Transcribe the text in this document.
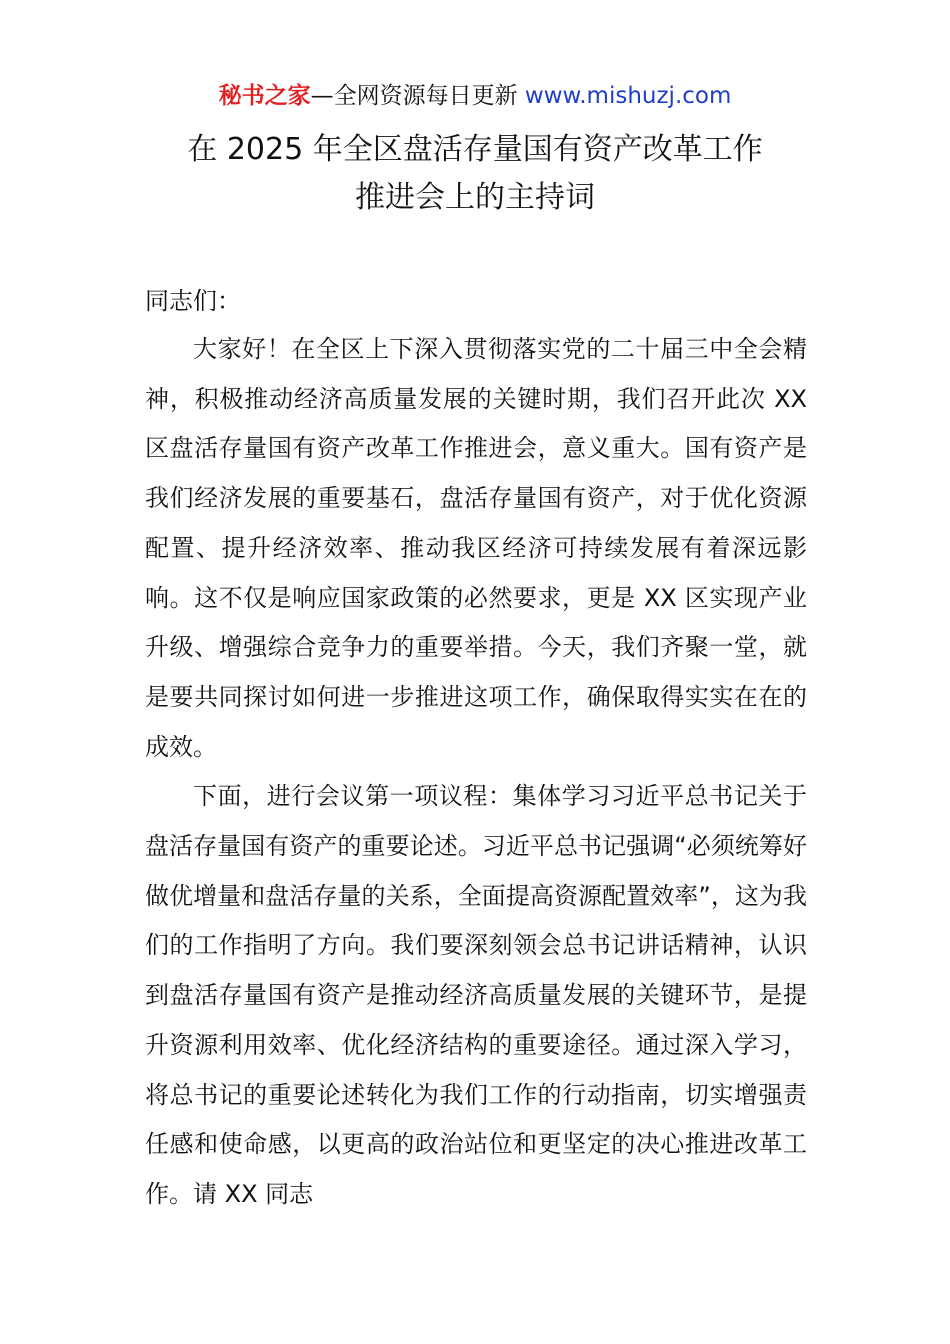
秘书之家—全网资源每日更新 www.mishuzj.com
在 2025 年全区盘活存量国有资产改革工作
推进会上的主持词
同志们：

大家好！在全区上下深入贯彻落实党的二十届三中全会精神，积极推动经济高质量发展的关键时期，我们召开此次 XX 区盘活存量国有资产改革工作推进会，意义重大。国有资产是我们经济发展的重要基石，盘活存量国有资产，对于优化资源配置、提升经济效率、推动我区经济可持续发展有着深远影响。这不仅是响应国家政策的必然要求，更是 XX 区实现产业升级、增强综合竞争力的重要举措。今天，我们齐聚一堂，就是要共同探讨如何进一步推进这项工作，确保取得实实在在的成效。

下面，进行会议第一项议程：集体学习习近平总书记关于盘活存量国有资产的重要论述。习近平总书记强调“必须统筹好做优增量和盘活存量的关系，全面提高资源配置效率”，这为我们的工作指明了方向。我们要深刻领会总书记讲话精神，认识到盘活存量国有资产是推动经济高质量发展的关键环节，是提升资源利用效率、优化经济结构的重要途径。通过深入学习，将总书记的重要论述转化为我们工作的行动指南，切实增强责任感和使命感，以更高的政治站位和更坚定的决心推进改革工作。请 XX 同志
